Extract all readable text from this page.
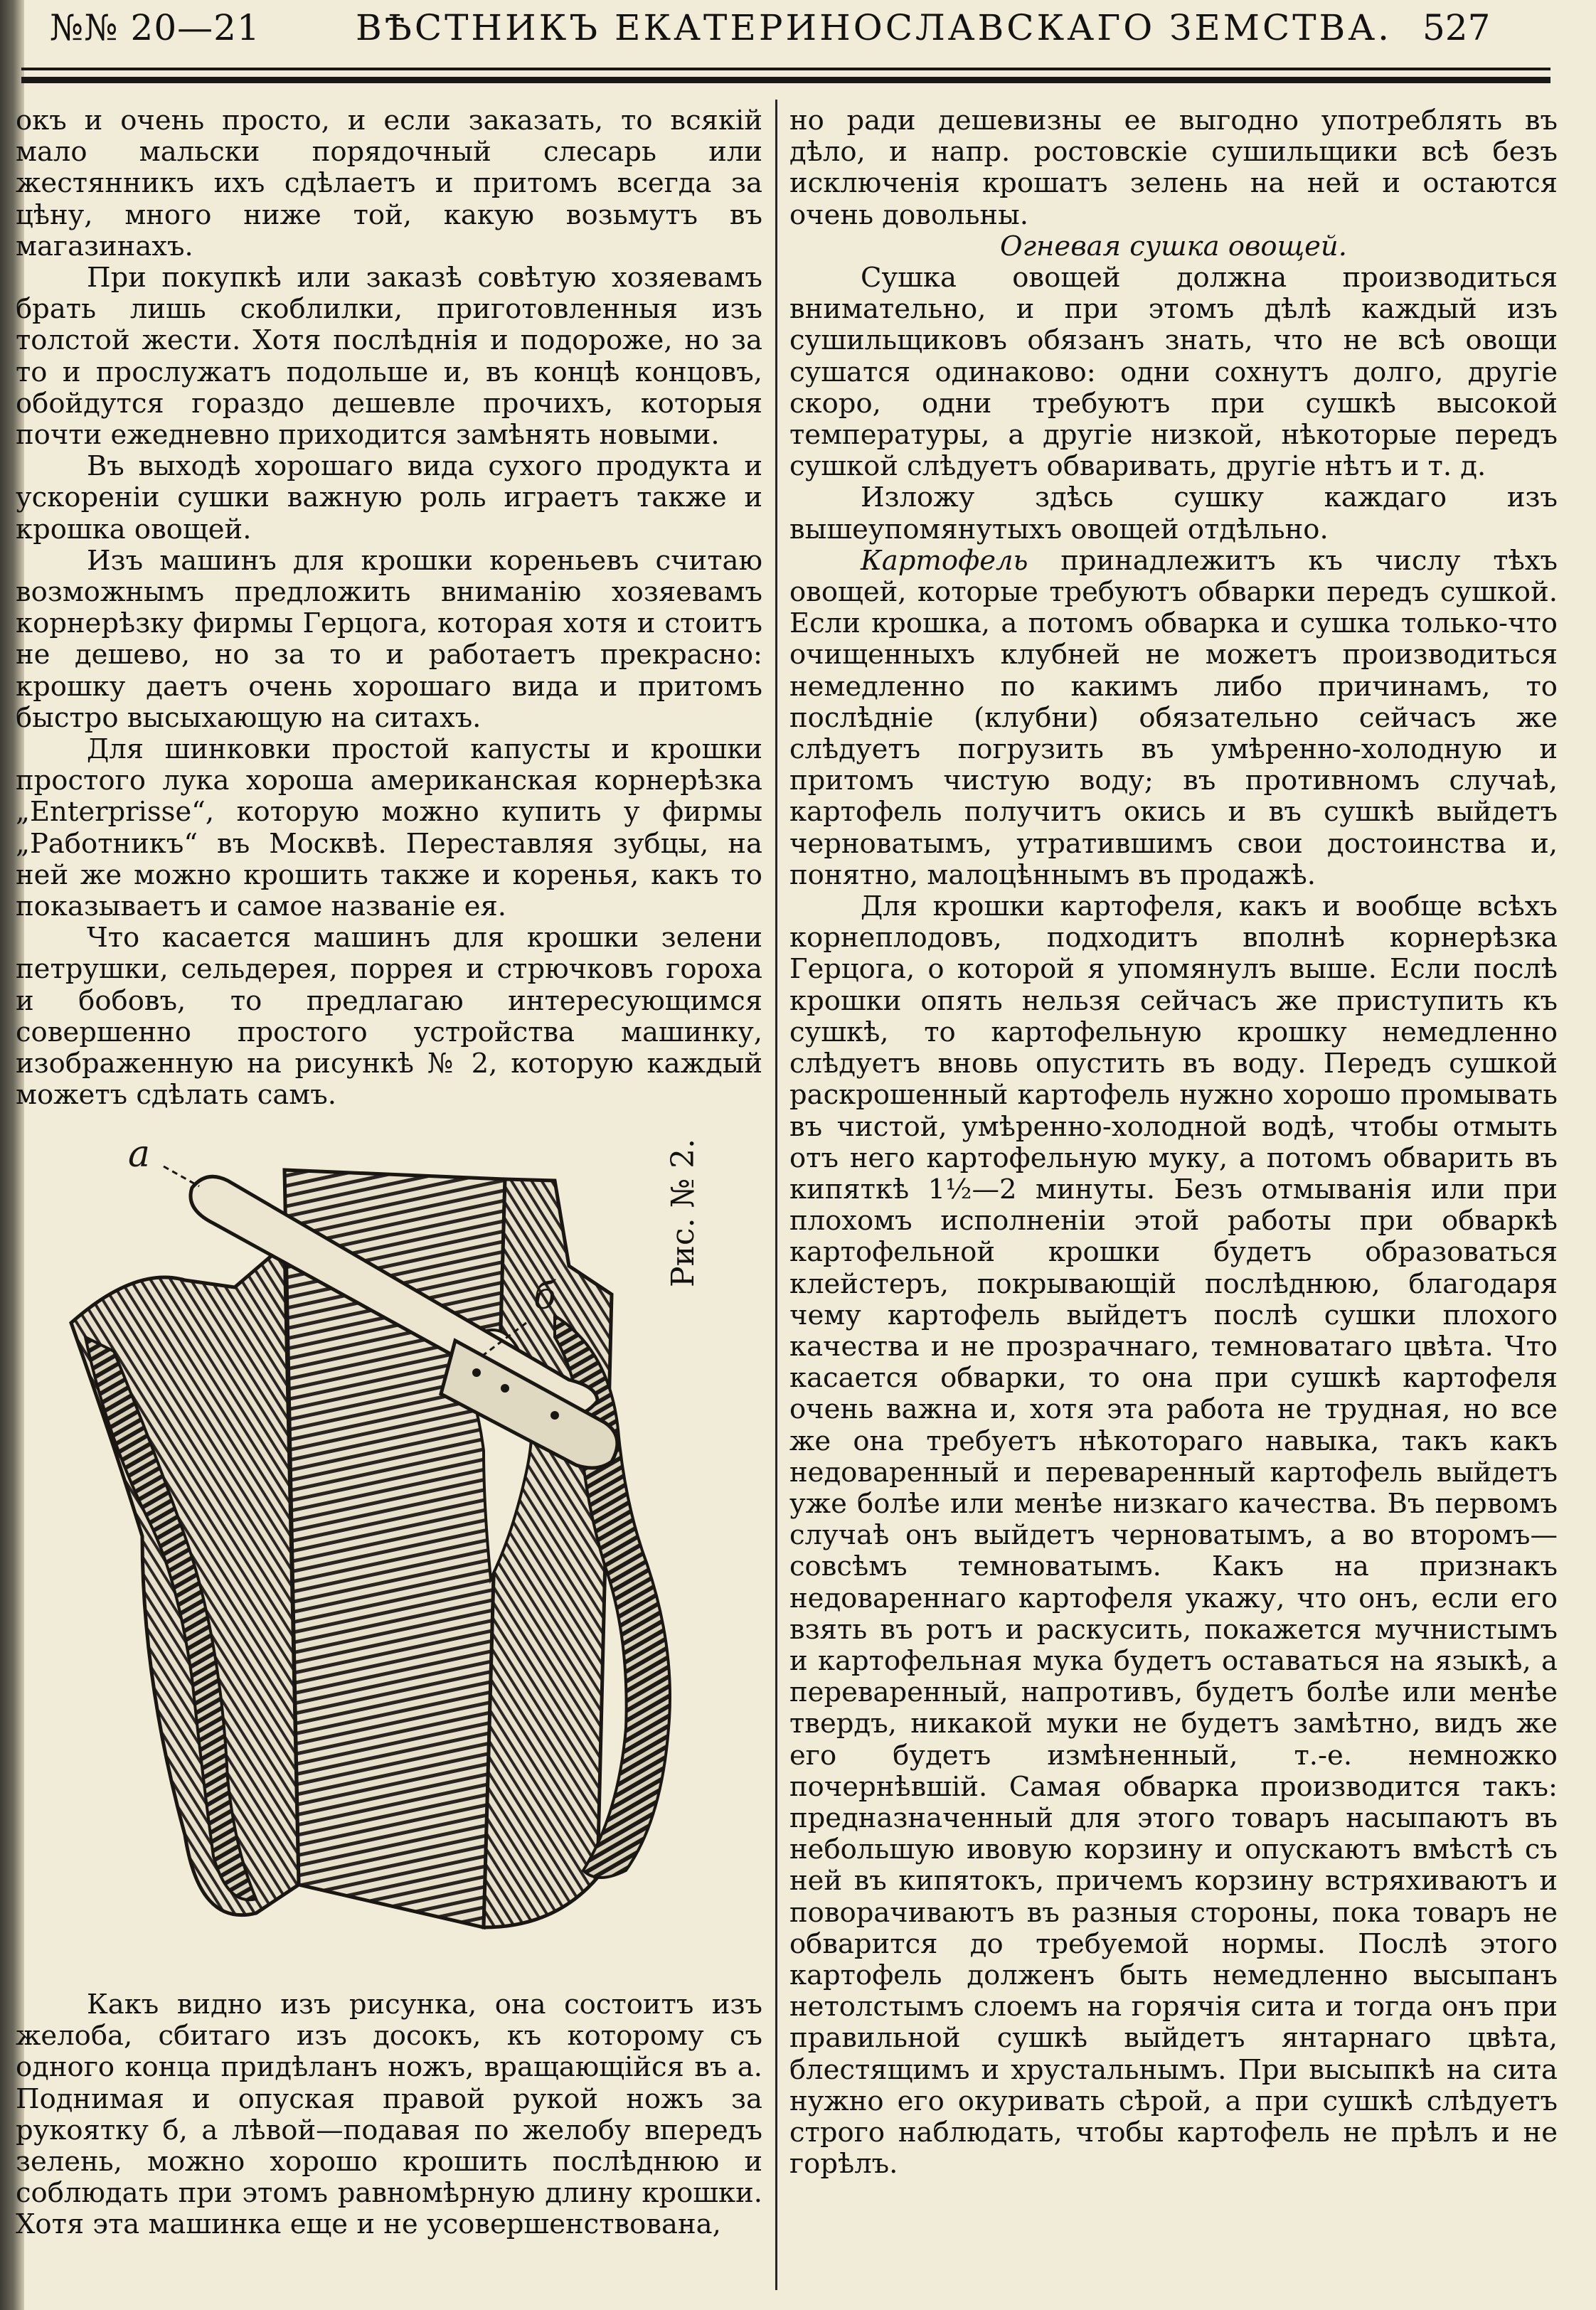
№№ 20—21	ВѢСТНИКЪ ЕКАТЕРИНОСЛАВСКАГО ЗЕМСТВА. 527

окъ и очень просто, и если заказать, то всякій мало мальски порядочный слесарь или жестянникъ ихъ сдѣлаетъ и притомъ всегда за цѣну, много ниже той, какую возьмутъ въ магазинахъ.

При покупкѣ или заказѣ совѣтую хозяевамъ брать лишь скоблилки, приготовленныя изъ толстой жести. Хотя послѣднія и подороже, но за то и прослужатъ подольше и, въ концѣ концовъ, обойдутся гораздо дешевле прочихъ, которыя почти ежедневно приходится замѣнять новыми.

Въ выходѣ хорошаго вида сухого продукта и ускореніи сушки важную роль играетъ также и крошка овощей.

Изъ машинъ для крошки кореньевъ считаю возможнымъ предложить вниманію хозяевамъ корнерѣзку фирмы Герцога, которая хотя и стоитъ не дешево, но за то и работаетъ прекрасно: крошку даетъ очень хорошаго вида и притомъ быстро высыхающую на ситахъ.

Для шинковки простой капусты и крошки простого лука хороша американская корнерѣзка „Enterprisse“, которую можно купить у фирмы „Работникъ“ въ Москвѣ. Переставляя зубцы, на ней же можно крошить также и коренья, какъ то показываетъ и самое названіе ея.

Что касается машинъ для крошки зелени петрушки, сельдерея, поррея и стрючковъ гороха и бобовъ, то предлагаю интересующимся совершенно простого устройства машинку, изображенную на рисункѣ № 2, которую каждый можетъ сдѣлать самъ.

a
б
Рис. № 2.

Какъ видно изъ рисунка, она состоитъ изъ желоба, сбитаго изъ досокъ, къ которому съ одного конца придѣланъ ножъ, вращающійся въ а. Поднимая и опуская правой рукой ножъ за рукоятку б, а лѣвой—подавая по желобу впередъ зелень, можно хорошо крошить послѣднюю и соблюдать при этомъ равномѣрную длину крошки. Хотя эта машинка еще и не усовершенствована,

но ради дешевизны ее выгодно употреблять въ дѣло, и напр. ростовскіе сушильщики всѣ безъ исключенія крошатъ зелень на ней и остаются очень довольны.

Огневая сушка овощей.

Сушка овощей должна производиться внимательно, и при этомъ дѣлѣ каждый изъ сушильщиковъ обязанъ знать, что не всѣ овощи сушатся одинаково: одни сохнутъ долго, другіе скоро, одни требуютъ при сушкѣ высокой температуры, а другіе низкой, нѣкоторые передъ сушкой слѣдуетъ обваривать, другіе нѣтъ и т. д.

Изложу здѣсь сушку каждаго изъ вышеупомянутыхъ овощей отдѣльно.

Картофель принадлежитъ къ числу тѣхъ овощей, которые требуютъ обварки передъ сушкой. Если крошка, а потомъ обварка и сушка только-что очищенныхъ клубней не можетъ производиться немедленно по какимъ либо причинамъ, то послѣдніе (клубни) обязательно сейчасъ же слѣдуетъ погрузить въ умѣренно-холодную и притомъ чистую воду; въ противномъ случаѣ, картофель получитъ окись и въ сушкѣ выйдетъ черноватымъ, утратившимъ свои достоинства и, понятно, малоцѣннымъ въ продажѣ.

Для крошки картофеля, какъ и вообще всѣхъ корнеплодовъ, подходитъ вполнѣ корнерѣзка Герцога, о которой я упомянулъ выше. Если послѣ крошки опять нельзя сейчасъ же приступить къ сушкѣ, то картофельную крошку немедленно слѣдуетъ вновь опустить въ воду. Передъ сушкой раскрошенный картофель нужно хорошо промывать въ чистой, умѣренно-холодной водѣ, чтобы отмыть отъ него картофельную муку, а потомъ обварить въ кипяткѣ 1½—2 минуты. Безъ отмыванія или при плохомъ исполненіи этой работы при обваркѣ картофельной крошки будетъ образоваться клейстеръ, покрывающій послѣднюю, благодаря чему картофель выйдетъ послѣ сушки плохого качества и не прозрачнаго, темноватаго цвѣта. Что касается обварки, то она при сушкѣ картофеля очень важна и, хотя эта работа не трудная, но все же она требуетъ нѣкотораго навыка, такъ какъ недоваренный и переваренный картофель выйдетъ уже болѣе или менѣе низкаго качества. Въ первомъ случаѣ онъ выйдетъ черноватымъ, а во второмъ—совсѣмъ темноватымъ. Какъ на признакъ недовареннаго картофеля укажу, что онъ, если его взять въ ротъ и раскусить, покажется мучнистымъ и картофельная мука будетъ оставаться на языкѣ, а переваренный, напротивъ, будетъ болѣе или менѣе твердъ, никакой муки не будетъ замѣтно, видъ же его будетъ измѣненный, т.-е. немножко почернѣвшій. Самая обварка производится такъ: предназначенный для этого товаръ насыпаютъ въ небольшую ивовую корзину и опускаютъ вмѣстѣ съ ней въ кипятокъ, причемъ корзину встряхиваютъ и поворачиваютъ въ разныя стороны, пока товаръ не обварится до требуемой нормы. Послѣ этого картофель долженъ быть немедленно высыпанъ нетолстымъ слоемъ на горячія сита и тогда онъ при правильной сушкѣ выйдетъ янтарнаго цвѣта, блестящимъ и хрустальнымъ. При высыпкѣ на сита нужно его окуривать сѣрой, а при сушкѣ слѣдуетъ строго наблюдать, чтобы картофель не прѣлъ и не горѣлъ.
